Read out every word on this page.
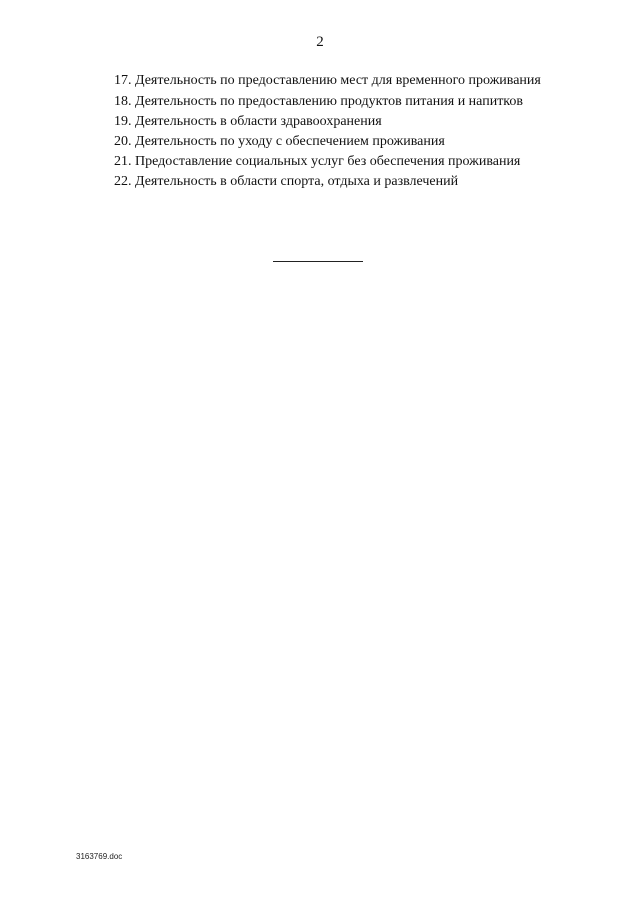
2

17. Деятельность по предоставлению мест для временного проживания

18. Деятельность по предоставлению продуктов питания и напитков

19. Деятельность в области здравоохранения

20. Деятельность по уходу с обеспечением проживания

21. Предоставление социальных услуг без обеспечения проживания

22. Деятельность в области спорта, отдыха и развлечений

3163769.doc
